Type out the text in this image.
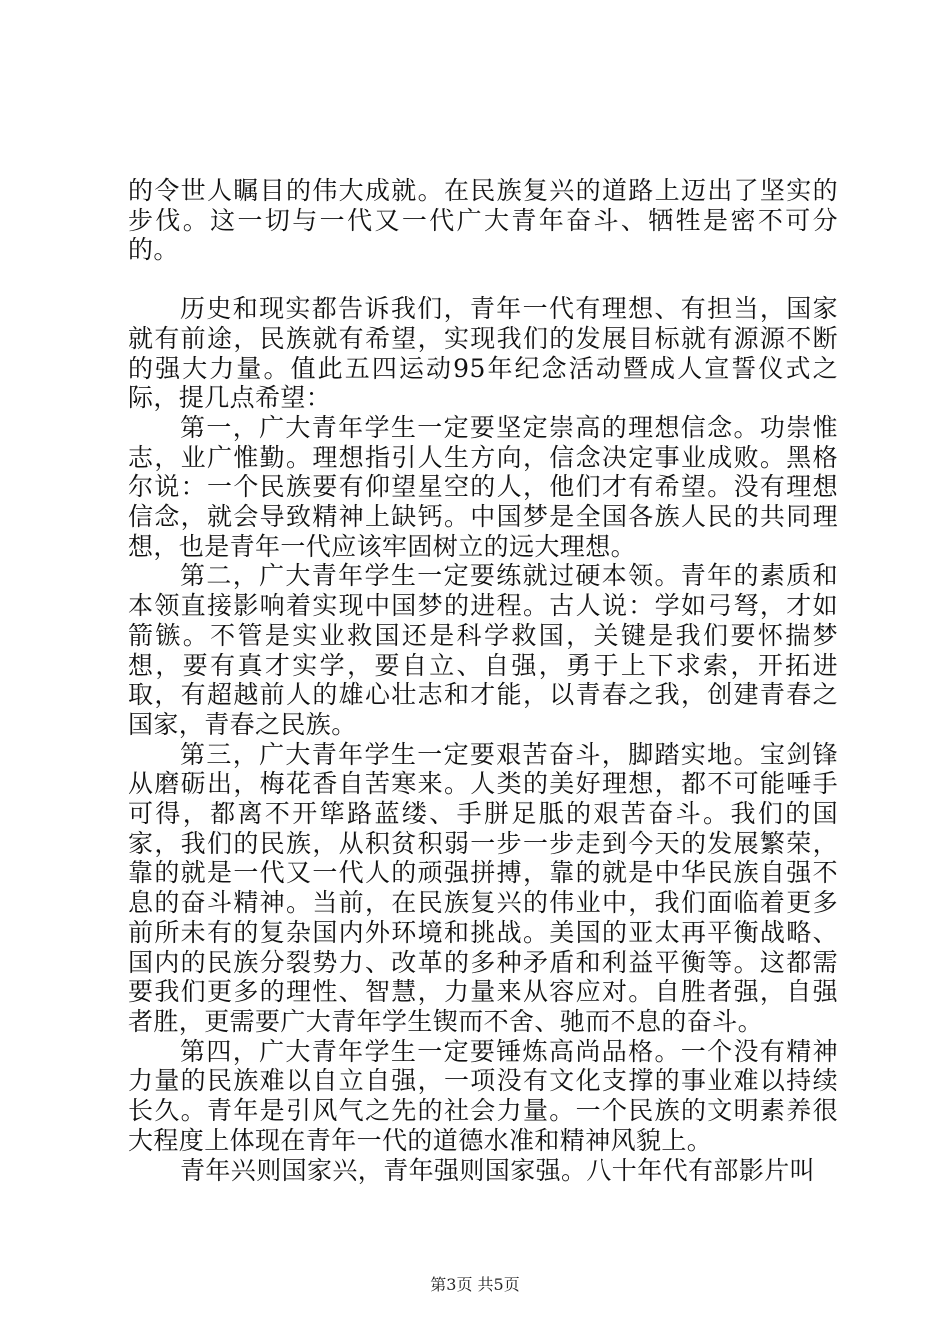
的令世人瞩目的伟大成就。在民族复兴的道路上迈出了坚实的步伐。这一切与一代又一代广大青年奋斗、牺牲是密不可分的。

历史和现实都告诉我们，青年一代有理想、有担当，国家就有前途，民族就有希望，实现我们的发展目标就有源源不断的强大力量。值此五四运动95年纪念活动暨成人宣誓仪式之际，提几点希望：

第一，广大青年学生一定要坚定崇高的理想信念。功崇惟志，业广惟勤。理想指引人生方向，信念决定事业成败。黑格尔说：一个民族要有仰望星空的人，他们才有希望。没有理想信念，就会导致精神上缺钙。中国梦是全国各族人民的共同理想，也是青年一代应该牢固树立的远大理想。

第二，广大青年学生一定要练就过硬本领。青年的素质和本领直接影响着实现中国梦的进程。古人说：学如弓弩，才如箭镞。不管是实业救国还是科学救国，关键是我们要怀揣梦想，要有真才实学，要自立、自强，勇于上下求索，开拓进取，有超越前人的雄心壮志和才能，以青春之我，创建青春之国家，青春之民族。

第三，广大青年学生一定要艰苦奋斗，脚踏实地。宝剑锋从磨砺出，梅花香自苦寒来。人类的美好理想，都不可能唾手可得，都离不开筚路蓝缕、手胼足胝的艰苦奋斗。我们的国家，我们的民族，从积贫积弱一步一步走到今天的发展繁荣，靠的就是一代又一代人的顽强拼搏，靠的就是中华民族自强不息的奋斗精神。当前，在民族复兴的伟业中，我们面临着更多前所未有的复杂国内外环境和挑战。美国的亚太再平衡战略、国内的民族分裂势力、改革的多种矛盾和利益平衡等。这都需要我们更多的理性、智慧，力量来从容应对。自胜者强，自强者胜，更需要广大青年学生锲而不舍、驰而不息的奋斗。

第四，广大青年学生一定要锤炼高尚品格。一个没有精神力量的民族难以自立自强，一项没有文化支撑的事业难以持续长久。青年是引风气之先的社会力量。一个民族的文明素养很大程度上体现在青年一代的道德水准和精神风貌上。

青年兴则国家兴，青年强则国家强。八十年代有部影片叫

第3页 共5页
